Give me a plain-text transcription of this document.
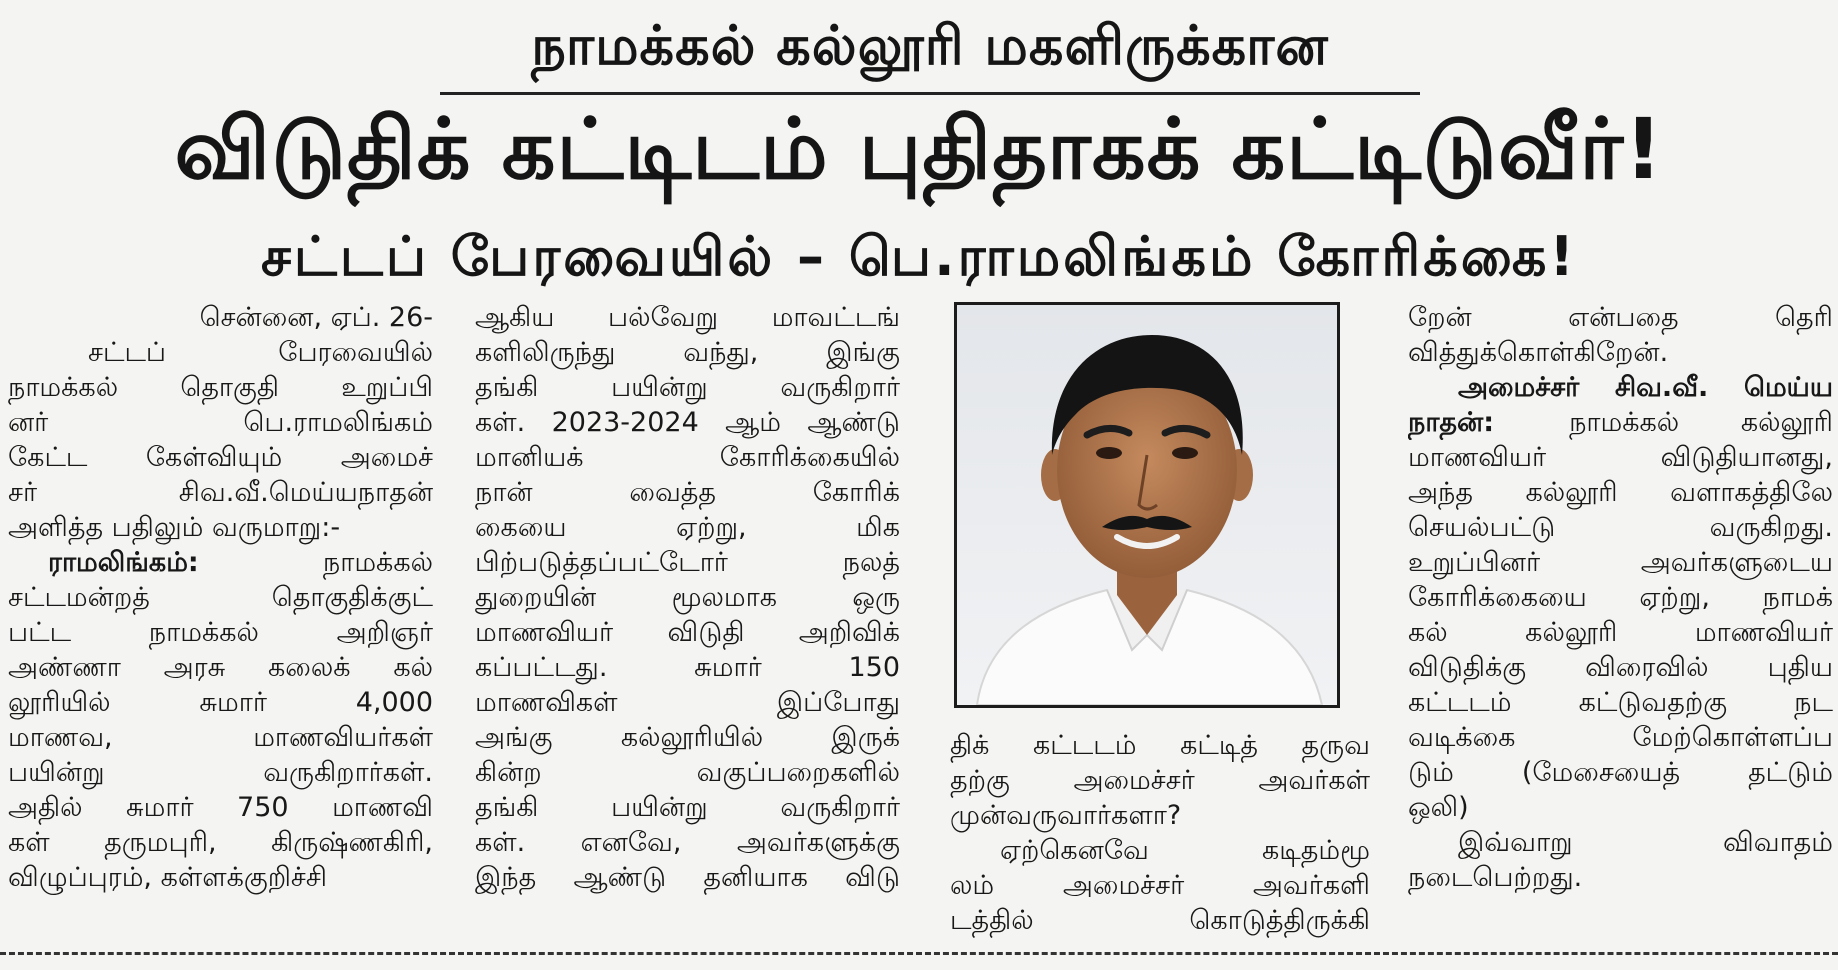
நாமக்கல் கல்லூரி மகளிருக்கான
விடுதிக் கட்டிடம் புதிதாகக் கட்டிடுவீர்!
சட்டப் பேரவையில் – பெ.ராமலிங்கம் கோரிக்கை!
சென்னை, ஏப். 26-
சட்டப் பேரவையில்
நாமக்கல் தொகுதி உறுப்பி
னர் பெ.ராமலிங்கம்
கேட்ட கேள்வியும் அமைச்
சர் சிவ.வீ.மெய்யநாதன்
அளித்த பதிலும் வருமாறு:-
ராமலிங்கம்:  	நாமக்கல்
சட்டமன்றத் தொகுதிக்குட்
பட்ட நாமக்கல் அறிஞர்
அண்ணா அரசு கலைக் கல்
லூரியில் சுமார் 4,000
மாணவ, மாணவியர்கள்
பயின்று வருகிறார்கள்.
அதில் சுமார் 750 மாணவி
கள் தருமபுரி, கிருஷ்ணகிரி,
விழுப்புரம், கள்ளக்குறிச்சி
ஆகிய பல்வேறு மாவட்டங்
களிலிருந்து வந்து, இங்கு
தங்கி பயின்று வருகிறார்
கள். 2023-2024 ஆம் ஆண்டு
மானியக் கோரிக்கையில்
நான் வைத்த கோரிக்
கையை ஏற்று, மிக
பிற்படுத்தப்பட்டோர் நலத்
துறையின் மூலமாக ஒரு
மாணவியர் விடுதி அறிவிக்
கப்பட்டது. சுமார் 150
மாணவிகள் இப்போது
அங்கு கல்லூரியில் இருக்
கின்ற வகுப்பறைகளில்
தங்கி பயின்று வருகிறார்
கள். எனவே, அவர்களுக்கு
இந்த ஆண்டு தனியாக விடு
திக் கட்டடம் கட்டித் தருவ
தற்கு அமைச்சர் அவர்கள்
முன்வருவார்களா?
ஏற்கெனவே கடிதம்மூ
லம் அமைச்சர் அவர்களி
டத்தில் கொடுத்திருக்கி
றேன் என்பதை தெரி
வித்துக்கொள்கிறேன்.
அமைச்சர் சிவ.வீ. மெய்ய
நாதன்:  	நாமக்கல் கல்லூரி
மாணவியர் விடுதியானது,
அந்த கல்லூரி வளாகத்திலே
செயல்பட்டு வருகிறது.
உறுப்பினர் அவர்களுடைய
கோரிக்கையை ஏற்று, நாமக்
கல் கல்லூரி மாணவியர்
விடுதிக்கு விரைவில் புதிய
கட்டடம் கட்டுவதற்கு நட
வடிக்கை மேற்கொள்ளப்ப
டும் (மேசையைத் தட்டும்
ஒலி)
இவ்வாறு விவாதம்
நடைபெற்றது.
